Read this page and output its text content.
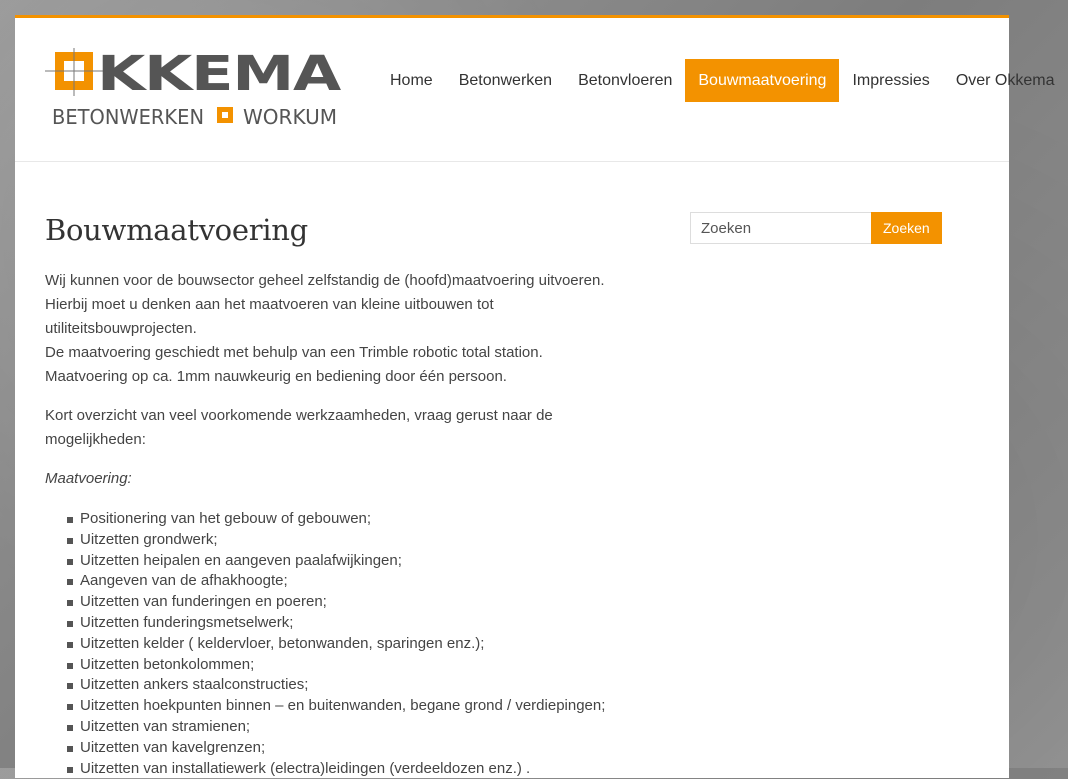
KKEMA
BETONWERKEN WORKUM
Home	Betonwerken	Betonvloeren	Bouwmaatvoering	Impressies	Over Okkema
Bouwmaatvoering

Wij kunnen voor de bouwsector geheel zelfstandig de (hoofd)maatvoering uitvoeren.
Hierbij moet u denken aan het maatvoeren van kleine uitbouwen tot
utiliteitsbouwprojecten.
De maatvoering geschiedt met behulp van een Trimble robotic total station.
Maatvoering op ca. 1mm nauwkeurig en bediening door één persoon.

Kort overzicht van veel voorkomende werkzaamheden, vraag gerust naar de
mogelijkheden:

Maatvoering:

Positionering van het gebouw of gebouwen;
Uitzetten grondwerk;
Uitzetten heipalen en aangeven paalafwijkingen;
Aangeven van de afhakhoogte;
Uitzetten van funderingen en poeren;
Uitzetten funderingsmetselwerk;
Uitzetten kelder ( keldervloer, betonwanden, sparingen enz.);
Uitzetten betonkolommen;
Uitzetten ankers staalconstructies;
Uitzetten hoekpunten binnen – en buitenwanden, begane grond / verdiepingen;
Uitzetten van stramienen;
Uitzetten van kavelgrenzen;
Uitzetten van installatiewerk (electra)leidingen (verdeeldozen enz.) .
Zoeken
Zoeken
